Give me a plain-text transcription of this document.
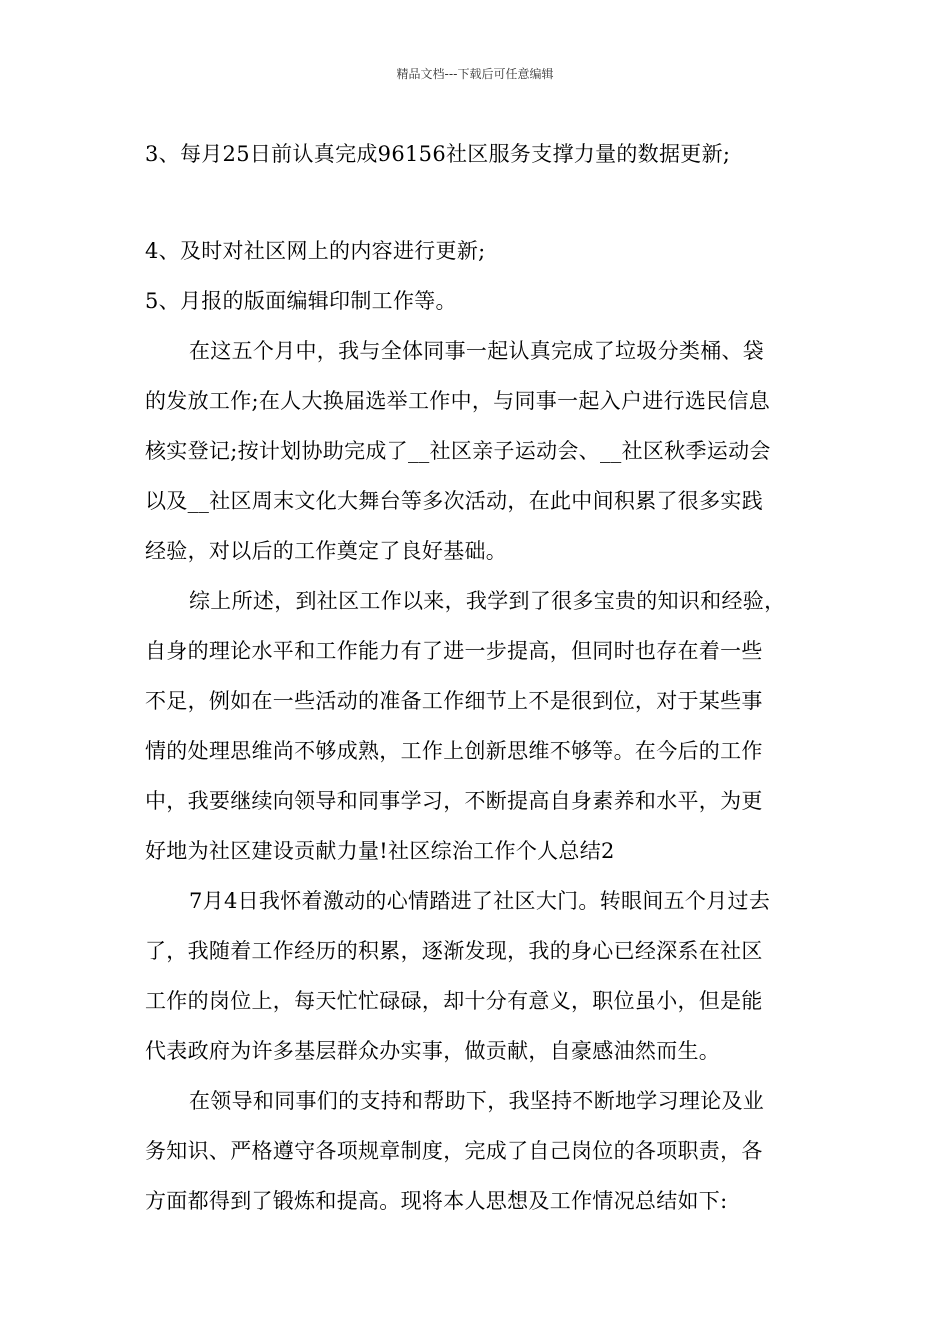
精品文档---下载后可任意编辑

3、每月25日前认真完成96156社区服务支撑力量的数据更新;

4、及时对社区网上的内容进行更新;

5、月报的版面编辑印制工作等。

在这五个月中，我与全体同事一起认真完成了垃圾分类桶、袋

的发放工作;在人大换届选举工作中，与同事一起入户进行选民信息

核实登记;按计划协助完成了__社区亲子运动会、__社区秋季运动会

以及__社区周末文化大舞台等多次活动，在此中间积累了很多实践

经验，对以后的工作奠定了良好基础。

综上所述，到社区工作以来，我学到了很多宝贵的知识和经验，

自身的理论水平和工作能力有了进一步提高，但同时也存在着一些

不足，例如在一些活动的准备工作细节上不是很到位，对于某些事

情的处理思维尚不够成熟，工作上创新思维不够等。在今后的工作

中，我要继续向领导和同事学习，不断提高自身素养和水平，为更

好地为社区建设贡献力量!社区综治工作个人总结2

7月4日我怀着激动的心情踏进了社区大门。转眼间五个月过去

了，我随着工作经历的积累，逐渐发现，我的身心已经深系在社区

工作的岗位上，每天忙忙碌碌，却十分有意义，职位虽小，但是能

代表政府为许多基层群众办实事，做贡献，自豪感油然而生。

在领导和同事们的支持和帮助下，我坚持不断地学习理论及业

务知识、严格遵守各项规章制度，完成了自己岗位的各项职责，各

方面都得到了锻炼和提高。现将本人思想及工作情况总结如下:
